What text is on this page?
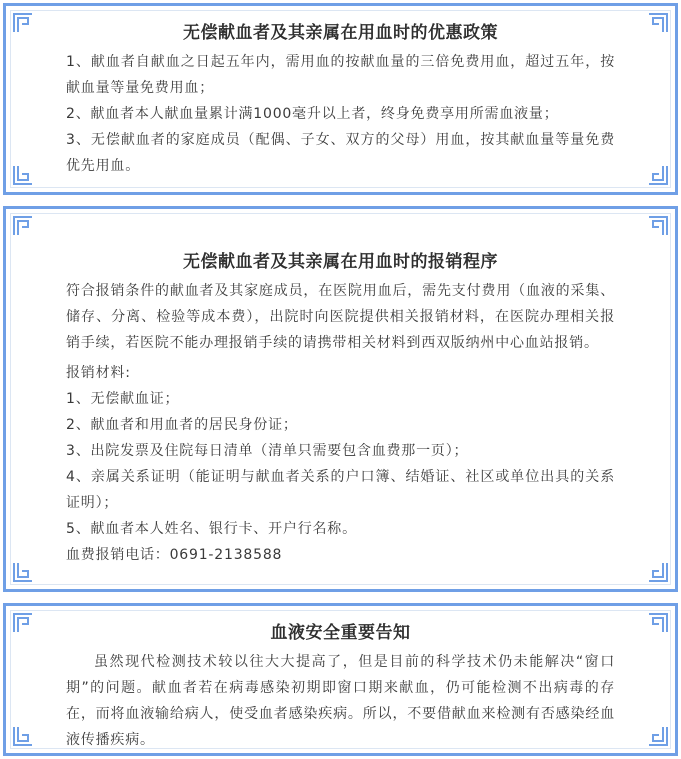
无偿献血者及其亲属在用血时的优惠政策
1、献血者自献血之日起五年内，需用血的按献血量的三倍免费用血，超过五年，按献血量等量免费用血；
2、献血者本人献血量累计满1000毫升以上者，终身免费享用所需血液量；
3、无偿献血者的家庭成员（配偶、子女、双方的父母）用血，按其献血量等量免费优先用血。
无偿献血者及其亲属在用血时的报销程序
符合报销条件的献血者及其家庭成员，在医院用血后，需先支付费用（血液的采集、储存、分离、检验等成本费），出院时向医院提供相关报销材料，在医院办理相关报销手续，若医院不能办理报销手续的请携带相关材料到西双版纳州中心血站报销。
报销材料:
1、无偿献血证；
2、献血者和用血者的居民身份证；
3、出院发票及住院每日清单（清单只需要包含血费那一页）；
4、亲属关系证明（能证明与献血者关系的户口簿、结婚证、社区或单位出具的关系证明）；
5、献血者本人姓名、银行卡、开户行名称。
血费报销电话：0691-2138588
血液安全重要告知
虽然现代检测技术较以往大大提高了，但是目前的科学技术仍未能解决“窗口期”的问题。献血者若在病毒感染初期即窗口期来献血，仍可能检测不出病毒的存在，而将血液输给病人，使受血者感染疾病。所以，不要借献血来检测有否感染经血液传播疾病。
